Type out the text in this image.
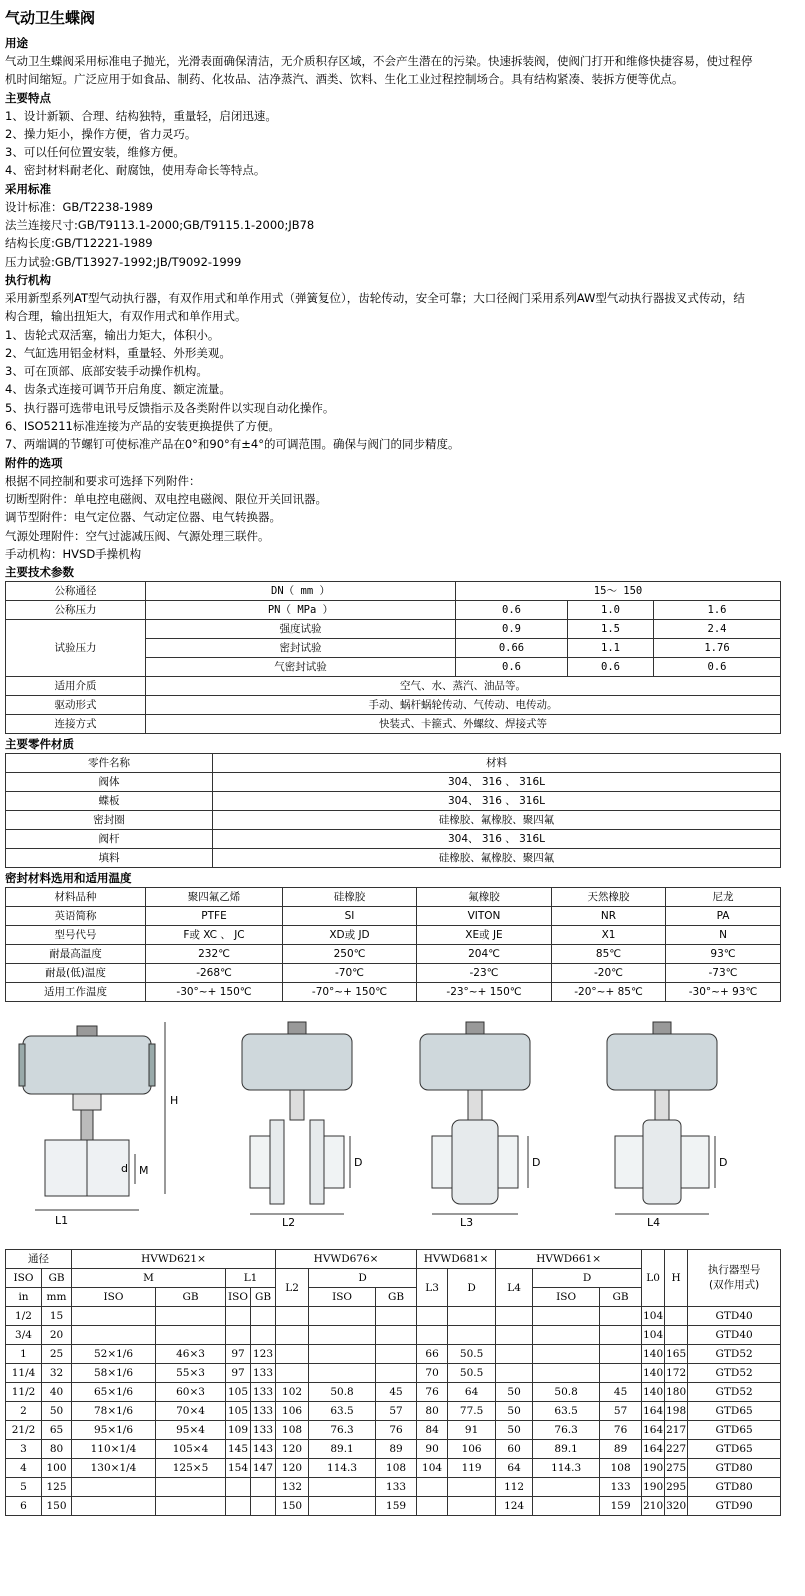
气动卫生蝶阀
用途
气动卫生蝶阀采用标准电子抛光，光滑表面确保清洁，无介质积存区域，不会产生潜在的污染。快速拆装阀，使阀门打开和维修快捷容易，使过程停
机时间缩短。广泛应用于如食品、制药、化妆品、洁净蒸汽、酒类、饮料、生化工业过程控制场合。具有结构紧凑、装拆方便等优点。
主要特点
1、设计新颖、合理、结构独特，重量轻，启闭迅速。
2、操力矩小，操作方便，省力灵巧。
3、可以任何位置安装，维修方便。
4、密封材料耐老化、耐腐蚀，使用寿命长等特点。
采用标准
设计标准：GB/T2238-1989
法兰连接尺寸:GB/T9113.1-2000;GB/T9115.1-2000;JB78
结构长度:GB/T12221-1989
压力试验:GB/T13927-1992;JB/T9092-1999
执行机构
采用新型系列AT型气动执行器，有双作用式和单作用式（弹簧复位），齿轮传动，安全可靠；大口径阀门采用系列AW型气动执行器拔叉式传动，结
构合理，输出扭矩大，有双作用式和单作用式。
1、齿轮式双活塞，输出力矩大，体积小。
2、气缸选用铝金材料，重量轻、外形美观。
3、可在顶部、底部安装手动操作机构。
4、齿条式连接可调节开启角度、额定流量。
5、执行器可选带电讯号反馈指示及各类附件以实现自动化操作。
6、ISO5211标准连接为产品的安装更换提供了方便。
7、两端调的节螺钉可使标准产品在0°和90°有±4°的可调范围。确保与阀门的同步精度。
附件的选项
根据不同控制和要求可选择下列附件：
切断型附件：单电控电磁阀、双电控电磁阀、限位开关回讯器。
调节型附件：电气定位器、气动定位器、电气转换器。
气源处理附件：空气过滤减压阀、气源处理三联件。
手动机构：HVSD手操机构
主要技术参数
公称通径	DN（ mm ）	15～ 150		
公称压力	PN（ MPa ）	0.6	1.0	1.6
试验压力	强度试验	0.9	1.5	2.4
	密封试验	0.66	1.1	1.76
	气密封试验	0.6	0.6	0.6
适用介质	空气、水、蒸汽、油品等。			
驱动形式	手动、蜗杆蜗轮传动、气传动、电传动。			
连接方式	快装式、卡箍式、外螺纹、焊接式等			
主要零件材质
零件名称	材料
阀体	304、 316 、 316L
蝶板	304、 316 、 316L
密封圈	硅橡胶、氟橡胶、聚四氟
阀杆	304、 316 、 316L
填料	硅橡胶、氟橡胶、聚四氟
密封材料选用和适用温度
材料品种	聚四氟乙烯	硅橡胶	氟橡胶	天然橡胶	尼龙
英语简称	PTFE	SI	VITON	NR	PA
型号代号	F或 XC 、 JC	XD或 JD	XE或 JE	X1	N
耐最高温度	232℃	250℃	204℃	85℃	93℃
耐最(低)温度	-268℃	-70℃	-23℃	-20℃	-73℃
适用工作温度	-30°~+ 150℃	-70°~+ 150℃	-23°~+ 150℃	-20°~+ 85℃	-30°~+ 93℃
L1
H
d M
L2
D
L3
D
L4
D
通径		HVWD621×				HVWD676×			HVWD681×		HVWD661×			L0	H	执行器型号
(双作用式)

ISO	GB	M		L1		L2	D		L3	D	L4	D				
in	mm	ISO	GB	ISO	GB		ISO	GB				ISO	GB			
1/2	15													104		GTD40
3/4	20													104		GTD40
1	25	52×1/6	46×3	97	123				66	50.5				140	165	GTD52
11/4	32	58×1/6	55×3	97	133				70	50.5				140	172	GTD52
11/2	40	65×1/6	60×3	105	133	102	50.8	45	76	64	50	50.8	45	140	180	GTD52
2	50	78×1/6	70×4	105	133	106	63.5	57	80	77.5	50	63.5	57	164	198	GTD65
21/2	65	95×1/6	95×4	109	133	108	76.3	76	84	91	50	76.3	76	164	217	GTD65
3	80	110×1/4	105×4	145	143	120	89.1	89	90	106	60	89.1	89	164	227	GTD65
4	100	130×1/4	125×5	154	147	120	114.3	108	104	119	64	114.3	108	190	275	GTD80
5	125					132		133			112		133	190	295	GTD80
6	150					150		159			124		159	210	320	GTD90
